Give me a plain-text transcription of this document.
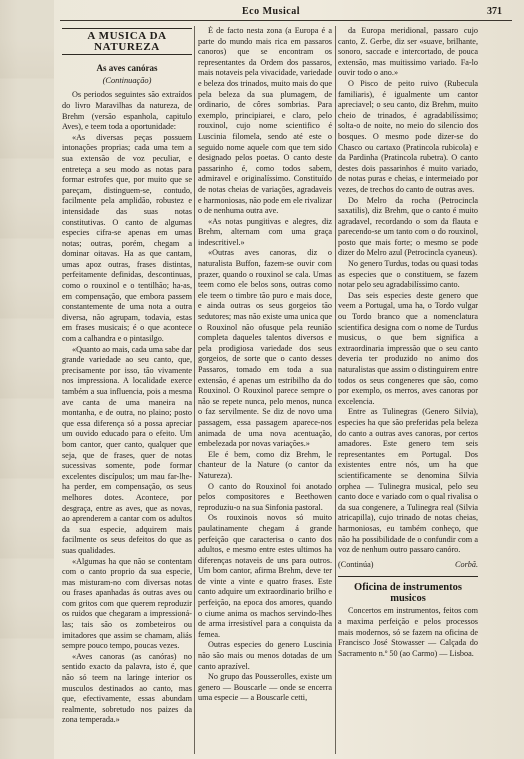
Eco Musical	371
A MUSICA DA NATUREZA
As aves canóras
(Continuação)

Os periodos seguintes são extraídos do livro Maravilhas da natureza, de Brehm (versão espanhola, capitulo Aves), e teem toda a oportunidade:

«As diversas peças possuem intonações proprias; cada uma tem a sua extensão de voz peculiar, e entreteça a seu modo as notas para formar estrofes que, por muito que se pareçam, distinguem-se, contudo, facilmente pela amplidão, robustez e intensidade das suas notas constitutivas. O canto de algumas especies cifra-se apenas em umas notas; outras, porém, chegam a dominar oitavas. Ha as que cantam, umas apoz outras, frases distintas, perfeitamente definidas, descontinuas, como o rouxinol e o tentilhão; ha-as, em compensação, que embora passem constantemente de uma nota a outra diversa, não agrupam, todavia, estas em frases musicais; é o que acontece com a calhandra e o pintasilgo.

«Quanto ao mais, cada uma sabe dar grande variedade ao seu canto, que, precisamente por isso, tão vivamente nos impressiona. A localidade exerce também a sua influencia, pois a mesma ave canta de uma maneira na montanha, e de outra, no plaino; posto que essa diferença só a possa apreciar um ouvido educado para o efeito. Um bom cantor, quer canto, qualquer que seja, que de frases, quer de notas sucessivas somente, pode formar excelentes discípulos; um mau far-lhe-ha perder, em compensação, os seus melhores dotes. Acontece, por desgraça, entre as aves, que as novas, ao aprenderem a cantar com os adultos da sua especie, adquirem mais facilmente os seus defeitos do que as suas qualidades.

«Algumas ha que não se contentam com o canto proprio da sua especie, mas misturam-no com diversas notas ou frases apanhadas ás outras aves ou com gritos com que querem reproduzir os ruidos que chegaram a impressioná-las; tais são os zombeteiros ou imitadores que assim se chamam, aliás sempre pouco tempo, poucas vezes.

«Aves canoras (as canóras) no sentido exacto da palavra, isto é, que não só teem na laringe interior os musculos destinados ao canto, mas que, efectivamente, essas abundam realmente, sobretudo nos paizes da zona temperada.»

É de facto nesta zona (a Europa é a parte do mundo mais rica em passaros canoros) que se encontram os representantes da Ordem dos passaros, mais notaveis pela vivacidade, variedade e beleza dos trinados, muito mais do que pela beleza da sua plumagem, de ordinario, de côres sombrias. Para exemplo, principiarei, e claro, pelo rouxinol, cujo nome scientifico é Luscinia filomela, sendo até este o seguido nome aquele com que tem sido designado pelos poetas. O canto deste passarinho é, como todos sabem, admiravel e originalíssimo. Constituído de notas cheias de variações, agradaveis e harmoniosas, não pode em ele rivalizar o de nenhuma outra ave.

«As notas pungitivas e alegres, diz Brehm, alternam com uma graça indescritivel.»

«Outras aves canoras, diz o naturalista Buffon, fazem-se ouvir com prazer, quando o rouxinol se cala. Umas teem como ele belos sons, outras como ele teem o timbre tão puro e mais doce, e ainda outras os seus gorgeios tão sedutores; mas não existe uma unica que o Rouxinol não ofusque pela reunião completa daqueles talentos diversos e pela prodigiosa variedade dos seus gorgeios, de sorte que o canto desses Passaros, tomado em toda a sua extensão, é apenas um estribilho da do Rouxinol. O Rouxinol parece sempre o não se repete nunca, pelo menos, nunca o faz servilmente. Se diz de novo uma passagem, essa passagem aparece-nos animada de uma nova acentuação, embelezada por novas variações.»

Ele é bem, como diz Brehm, le chanteur de la Nature (o cantor da Natureza).

O canto do Rouxinol foi anotado pelos compositores e Beethowen reproduziu-o na sua Sinfonia pastoral.

Os rouxinois novos só muito paulatinamente chegam á grande perfeição que caracterisa o canto dos adultos, e mesmo entre estes ultimos ha diferenças notaveis de uns para outros. Um bom cantor, afirma Brehm, deve ter de vinte a vinte e quatro frases. Este canto adquire um extraordinario brilho e perfeição, na epoca dos amores, quando o ciume anima os machos servindo-lhes de arma irresistível para a conquista da femea.

Outras especies do genero Luscinia não são mais ou menos dotadas de um canto aprazível.

No grupo das Pousserolles, existe um genero — Bouscarle — onde se encerra uma especie — a Bouscarle cetti,

da Europa meridional, passaro cujo canto, Z. Gerbe, diz ser «suave, brilhante, sonoro, saccade e intercortado, de pouca extensão, mas muitissimo variado. Fa-lo ouvir todo o ano.»

O Pisco de peito ruivo (Rubecula familiaris), é igualmente um cantor apreciavel; o seu canto, diz Brehm, muito cheio de trinados, é agradabilíssimo; solta-o de noite, no meio do silencio dos bosques. O mesmo pode dizer-se do Chasco ou cartaxo (Pratincola rubicola) e da Pardinha (Pratincola rubetra). O canto destes dois passarinhos é muito variado, de notas puras e cheias, e intermeiado por vezes, de trechos do canto de outras aves.

Do Melro da rocha (Petrocincla saxatilis), diz Brehm, que o canto é muito agradavel, recordando o som da flauta e parecendo-se um tanto com o do rouxinol, posto que mais forte; o mesmo se pode dizer do Melro azul (Petrocincla cyaneus).

No genero Turdus, todas ou quasi todas as especies que o constituem, se fazem notar pelo seu agradabilíssimo canto.

Das seis especies deste genero que veem a Portugal, uma ha, o Tordo vulgar ou Tordo branco que a nomenclatura scientifica designa com o nome de Turdus musicus, o que bem significa a extraordinaria impressão que o seu canto deveria ter produzido no animo dos naturalistas que assim o distinguirem entre todos os seus congeneres que são, como por exemplo, os merros, aves canoras por excelencia.

Entre as Tulinegras (Genero Silvia), especies ha que são preferidas pela beleza do canto a outras aves canoras, por certos amadores. Este genero tem seis representantes em Portugal. Dos existentes entre nós, um ha que scientificamente se denomina Silvia orphea — Tulinegra musical, pelo seu canto doce e variado com o qual rivalisa o da sua congenere, a Tulinegra real (Silvia atricapilla), cujo trinado de notas cheias, harmoniosas, eu também conheço, que não ha possibilidade de o confundir com a voz de nenhum outro passaro canóro.

(Continúa)	Corbã.
Oficina de instrumentos musicos

Concertos em instrumentos, feitos com a maxima perfeição e pelos processos mais modernos, só se fazem na oficina de Francisco José Stowasser — Calçada do Sacramento n.º 50 (ao Carmo) — Lisboa.
